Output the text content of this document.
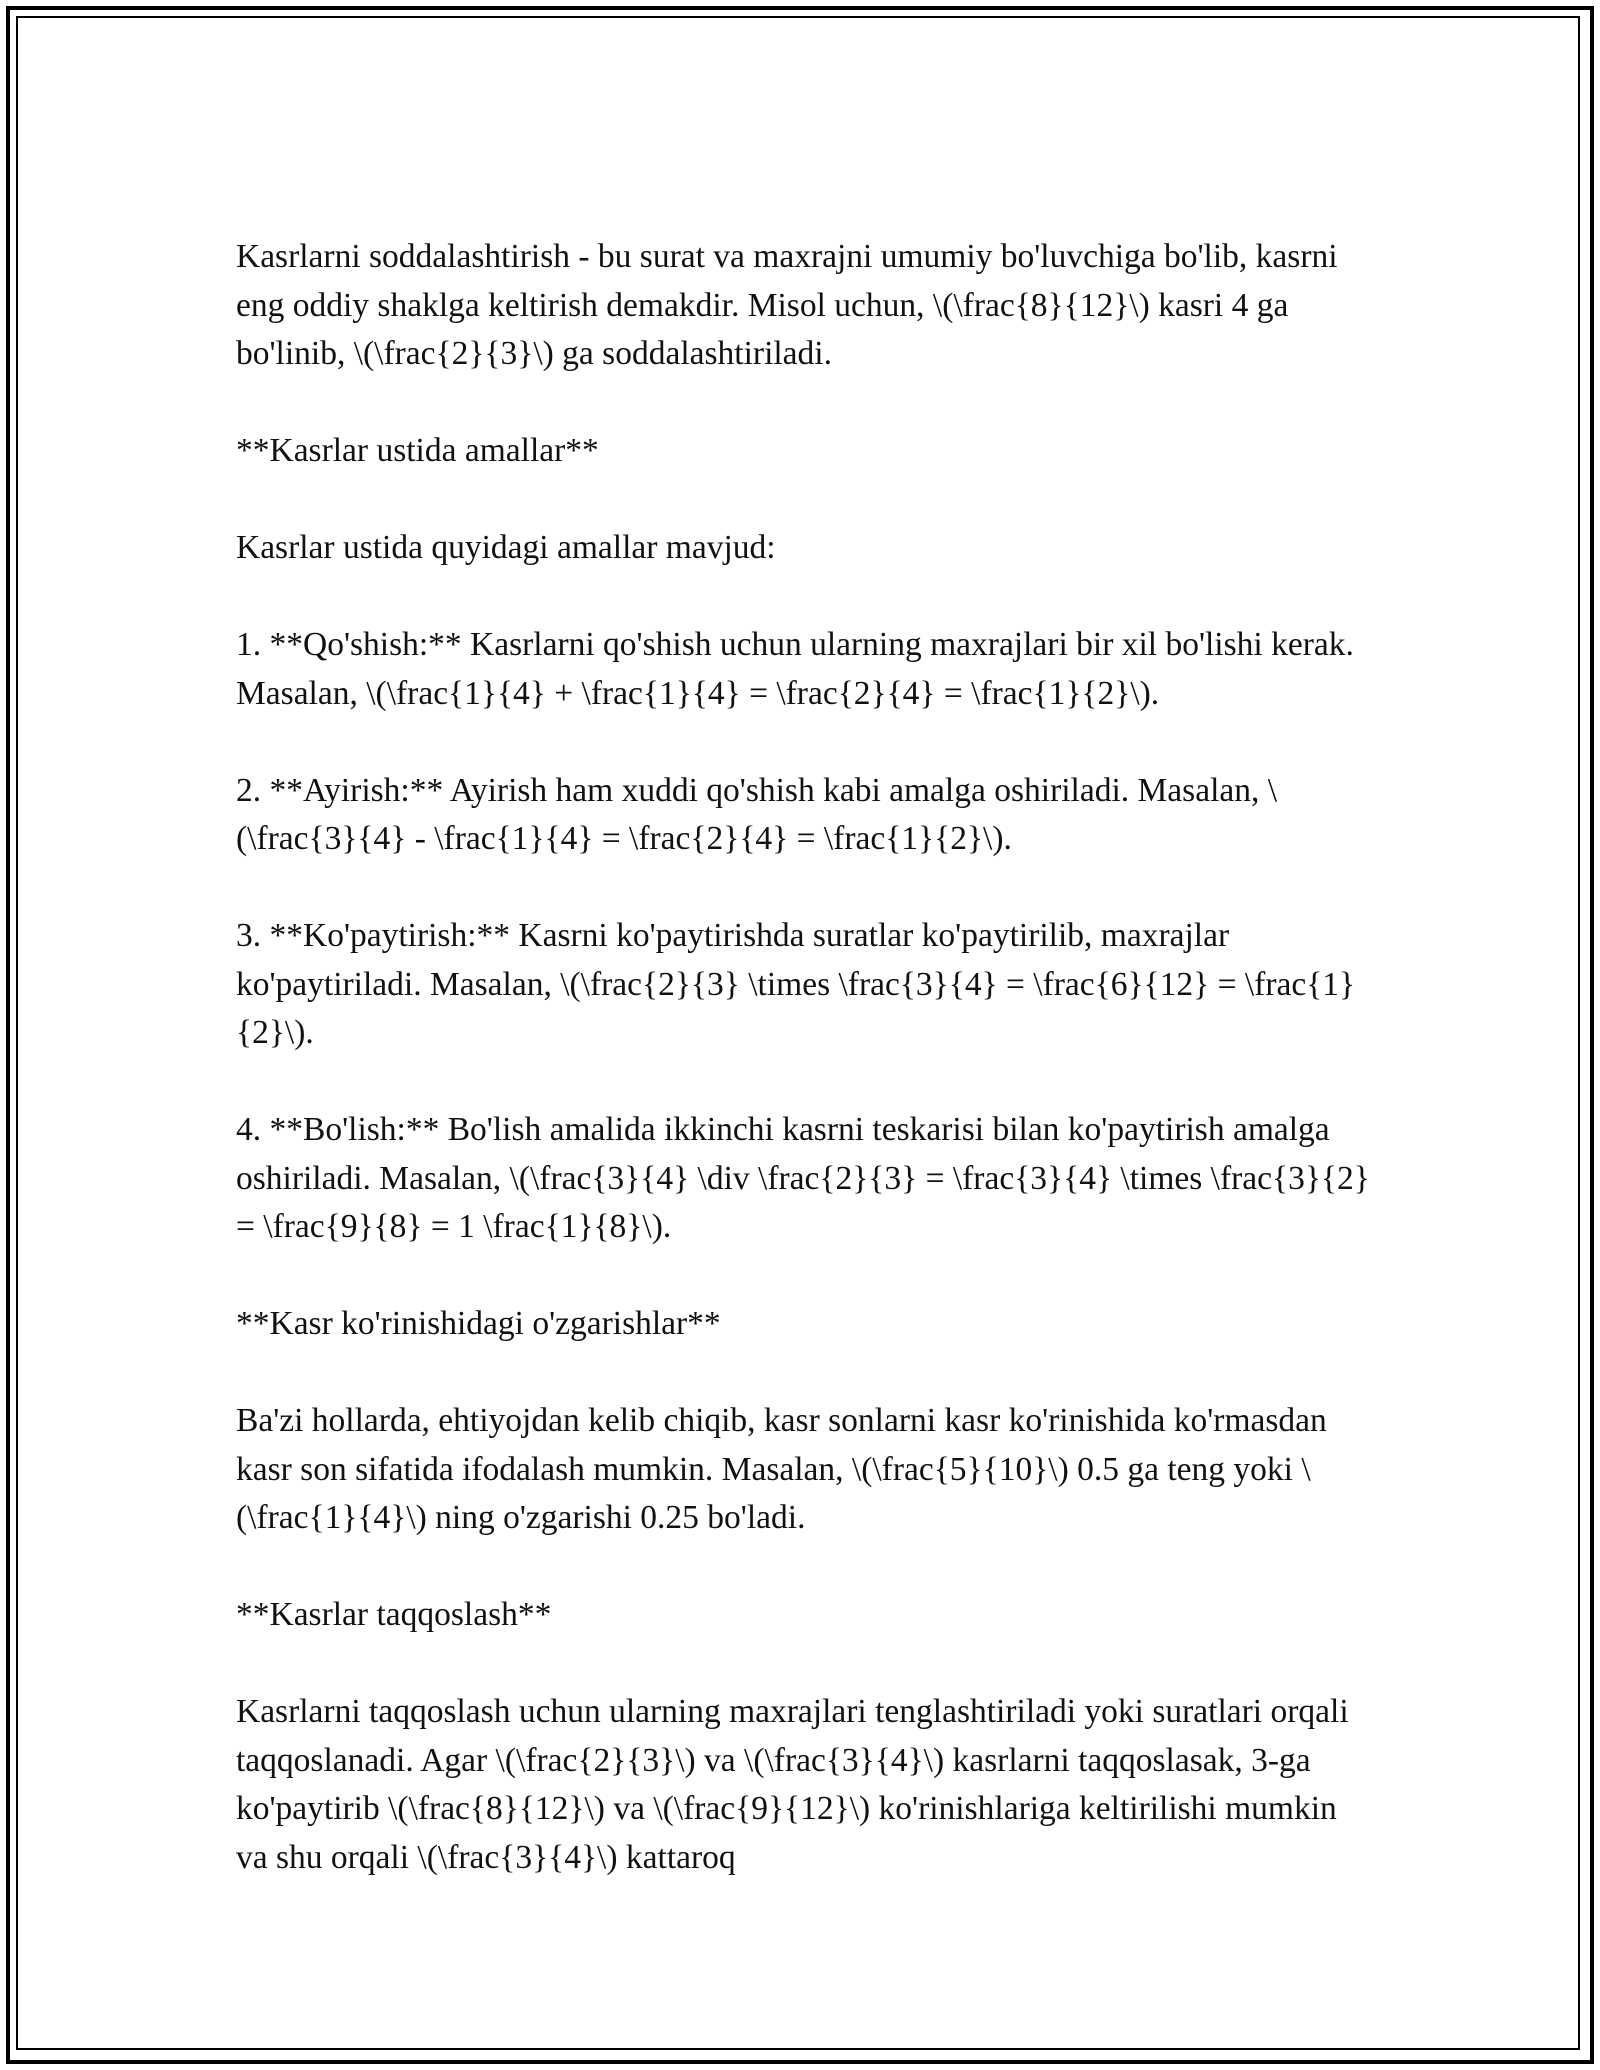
Kasrlarni soddalashtirish - bu surat va maxrajni umumiy bo'luvchiga bo'lib, kasrni eng oddiy shaklga keltirish demakdir. Misol uchun, \(\frac{8}{12}\) kasri 4 ga bo'linib, \(\frac{2}{3}\) ga soddalashtiriladi.

**Kasrlar ustida amallar**

Kasrlar ustida quyidagi amallar mavjud:

1. **Qo'shish:** Kasrlarni qo'shish uchun ularning maxrajlari bir xil bo'lishi kerak. Masalan, \(\frac{1}{4} + \frac{1}{4} = \frac{2}{4} = \frac{1}{2}\).

2. **Ayirish:** Ayirish ham xuddi qo'shish kabi amalga oshiriladi. Masalan, \(\frac{3}{4} - \frac{1}{4} = \frac{2}{4} = \frac{1}{2}\).

3. **Ko'paytirish:** Kasrni ko'paytirishda suratlar ko'paytirilib, maxrajlar ko'paytiriladi. Masalan, \(\frac{2}{3} \times \frac{3}{4} = \frac{6}{12} = \frac{1}{2}\).

4. **Bo'lish:** Bo'lish amalida ikkinchi kasrni teskarisi bilan ko'paytirish amalga oshiriladi. Masalan, \(\frac{3}{4} \div \frac{2}{3} = \frac{3}{4} \times \frac{3}{2} = \frac{9}{8} = 1 \frac{1}{8}\).

**Kasr ko'rinishidagi o'zgarishlar**

Ba'zi hollarda, ehtiyojdan kelib chiqib, kasr sonlarni kasr ko'rinishida ko'rmasdan kasr son sifatida ifodalash mumkin. Masalan, \(\frac{5}{10}\) 0.5 ga teng yoki \(\frac{1}{4}\) ning o'zgarishi 0.25 bo'ladi.

**Kasrlar taqqoslash**

Kasrlarni taqqoslash uchun ularning maxrajlari tenglashtiriladi yoki suratlari orqali taqqoslanadi. Agar \(\frac{2}{3}\) va \(\frac{3}{4}\) kasrlarni taqqoslasak, 3-ga ko'paytirib \(\frac{8}{12}\) va \(\frac{9}{12}\) ko'rinishlariga keltirilishi mumkin va shu orqali \(\frac{3}{4}\) kattaroq
